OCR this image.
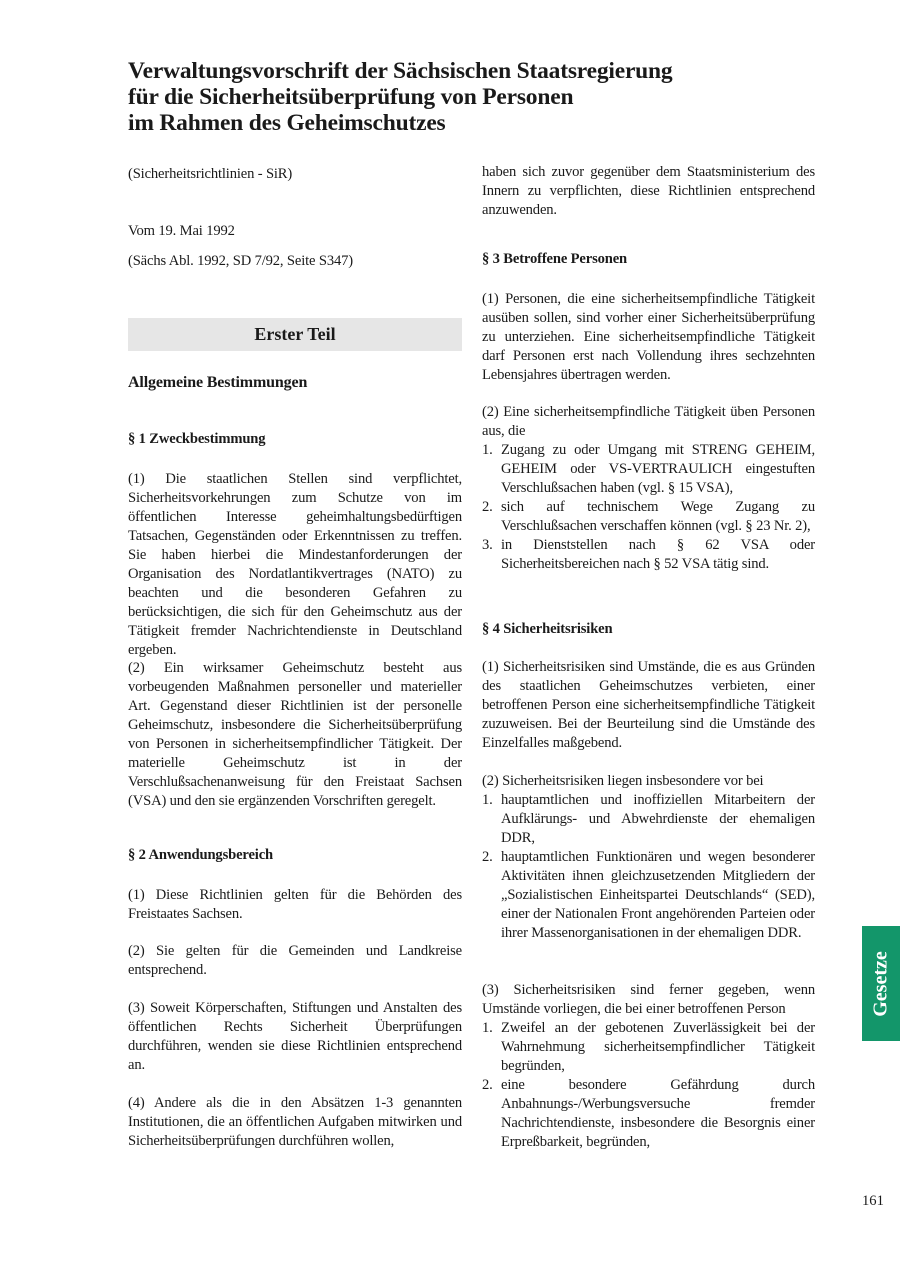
Verwaltungsvorschrift der Sächsischen Staatsregierung
für die Sicherheitsüberprüfung von Personen
im Rahmen des Geheimschutzes
(Sicherheitsrichtlinien - SiR)
Vom 19. Mai 1992
(Sächs Abl. 1992, SD 7/92, Seite S347)
Erster Teil
Allgemeine Bestimmungen
§ 1 Zweckbestimmung
(1) Die staatlichen Stellen sind verpflichtet, Sicherheitsvorkehrungen zum Schutze von im öffentlichen Interesse geheimhaltungsbedürftigen Tatsachen, Gegenständen oder Erkenntnissen zu treffen. Sie haben hierbei die Mindestanforderungen der Organisation des Nordatlantikvertrages (NATO) zu beachten und die besonderen Gefahren zu berücksichtigen, die sich für den Geheimschutz aus der Tätigkeit fremder Nachrichtendienste in Deutschland ergeben.
(2) Ein wirksamer Geheimschutz besteht aus vorbeugenden Maßnahmen personeller und materieller Art. Gegenstand dieser Richtlinien ist der personelle Geheimschutz, insbesondere die Sicherheitsüberprüfung von Personen in sicherheitsempfindlicher Tätigkeit. Der materielle Geheimschutz ist in der Verschlußsachenanweisung für den Freistaat Sachsen (VSA) und den sie ergänzenden Vorschriften geregelt.
§ 2 Anwendungsbereich
(1) Diese Richtlinien gelten für die Behörden des Freistaates Sachsen.
(2) Sie gelten für die Gemeinden und Landkreise entsprechend.
(3) Soweit Körperschaften, Stiftungen und Anstalten des öffentlichen Rechts Sicherheit Überprüfungen durchführen, wenden sie diese Richtlinien entsprechend an.
(4) Andere als die in den Absätzen 1-3 genannten Institutionen, die an öffentlichen Aufgaben mitwirken und Sicherheitsüberprüfungen durchführen wollen,
haben sich zuvor gegenüber dem Staatsministerium des Innern zu verpflichten, diese Richtlinien entsprechend anzuwenden.
§ 3 Betroffene Personen
(1) Personen, die eine sicherheitsempfindliche Tätigkeit ausüben sollen, sind vorher einer Sicherheitsüberprüfung zu unterziehen. Eine sicherheitsempfindliche Tätigkeit darf Personen erst nach Vollendung ihres sechzehnten Lebensjahres übertragen werden.
(2) Eine sicherheitsempfindliche Tätigkeit üben Personen aus, die
1. Zugang zu oder Umgang mit STRENG GEHEIM, GEHEIM oder VS-VERTRAULICH eingestuften Verschlußsachen haben (vgl. § 15 VSA),
2. sich auf technischem Wege Zugang zu Verschlußsachen verschaffen können (vgl. § 23 Nr. 2),
3. in Dienststellen nach § 62 VSA oder Sicherheitsbereichen nach § 52 VSA tätig sind.
§ 4 Sicherheitsrisiken
(1) Sicherheitsrisiken sind Umstände, die es aus Gründen des staatlichen Geheimschutzes verbieten, einer betroffenen Person eine sicherheitsempfindliche Tätigkeit zuzuweisen. Bei der Beurteilung sind die Umstände des Einzelfalles maßgebend.
(2) Sicherheitsrisiken liegen insbesondere vor bei
1. hauptamtlichen und inoffiziellen Mitarbeitern der Aufklärungs- und Abwehrdienste der ehemaligen DDR,
2. hauptamtlichen Funktionären und wegen besonderer Aktivitäten ihnen gleichzusetzenden Mitgliedern der „Sozialistischen Einheitspartei Deutschlands“ (SED), einer der Nationalen Front angehörenden Parteien oder ihrer Massenorganisationen in der ehemaligen DDR.
(3) Sicherheitsrisiken sind ferner gegeben, wenn Umstände vorliegen, die bei einer betroffenen Person
1. Zweifel an der gebotenen Zuverlässigkeit bei der Wahrnehmung sicherheitsempfindlicher Tätigkeit begründen,
2. eine besondere Gefährdung durch Anbahnungs-/Werbungsversuche fremder Nachrichtendienste, insbesondere die Besorgnis einer Erpreßbarkeit, begründen,
Gesetze
161
